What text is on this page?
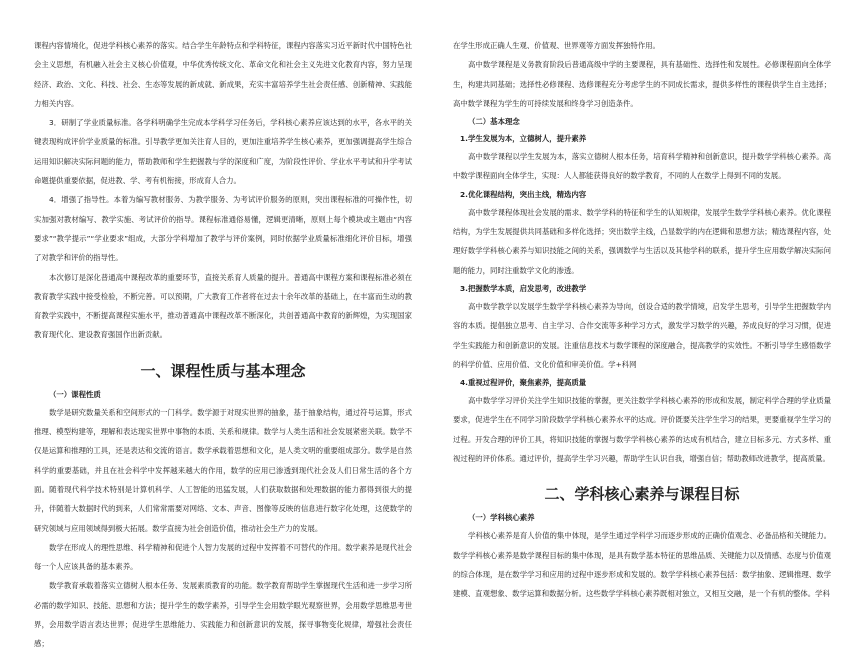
课程内容情境化，促进学科核心素养的落实。结合学生年龄特点和学科特征，课程内容落实习近平新时代中国特色社会主义思想，有机融入社会主义核心价值观，中华优秀传统文化、革命文化和社会主义先进文化教育内容，努力呈现经济、政治、文化、科技、社会、生态等发展的新成就、新成果，充实丰富培养学生社会责任感、创新精神、实践能力相关内容。

3．研制了学业质量标准。各学科明确学生完成本学科学习任务后，学科核心素养应该达到的水平，各水平的关键表现构成评价学业质量的标准。引导教学更加关注育人目的，更加注重培养学生核心素养，更加强调提高学生综合运用知识解决实际问题的能力，帮助教师和学生把握教与学的深度和广度，为阶段性评价、学业水平考试和升学考试命题提供重要依据，促进教、学、考有机衔接，形成育人合力。

4．增强了指导性。本着为编写教材服务、为教学服务、为考试评价服务的原则，突出课程标准的可操作性，切实加强对教材编写、教学实施、考试评价的指导。课程标准通俗易懂，逻辑更清晰，原则上每个模块或主题由“内容要求”“教学提示”“学业要求”组成，大部分学科增加了教学与评价案例，同时依据学业质量标准细化评价目标，增强了对教学和评价的指导性。

本次修订是深化普通高中课程改革的重要环节，直接关系育人质量的提升。普通高中课程方案和课程标准必须在教育教学实践中接受检验，不断完善。可以预期，广大教育工作者将在过去十余年改革的基础上，在丰富而生动的教育教学实践中，不断提高课程实施水平，推动普通高中课程改革不断深化，共创普通高中教育的新辉煌，为实现国家教育现代化、建设教育强国作出新贡献。

一、课程性质与基本理念
（一）课程性质

数学是研究数量关系和空间形式的一门科学。数学源于对现实世界的抽象，基于抽象结构，通过符号运算，形式推理、模型构建等，理解和表达现实世界中事物的本质、关系和规律。数学与人类生活和社会发展紧密关联。数学不仅是运算和推理的工具，还是表达和交流的语言。数学承载着思想和文化，是人类文明的重要组成部分。数学是自然科学的重要基础，并且在社会科学中发挥越来越大的作用，数学的应用已渗透到现代社会及人们日常生活的各个方面。随着现代科学技术特别是计算机科学、人工智能的迅猛发展，人们获取数据和处理数据的能力都得到很大的提升，伴随着大数据时代的到来，人们常常需要对网络、文本、声音、图像等反映的信息进行数字化处理，这使数学的研究领域与应用领域得到极大拓展。数学直接为社会创造价值，推动社会生产力的发展。

数学在形成人的理性思维、科学精神和促进个人智力发展的过程中发挥着不可替代的作用。数学素养是现代社会每一个人应该具备的基本素养。

数学教育承载着落实立德树人根本任务、发展素质教育的功能。数学教育帮助学生掌握现代生活和进一步学习所必需的数学知识、技能、思想和方法；提升学生的数学素养，引导学生会用数学眼光观察世界，会用数学思维思考世界，会用数学语言表达世界；促进学生思维能力、实践能力和创新意识的发展，探寻事物变化规律，增强社会责任感；

在学生形成正确人生观、价值观、世界观等方面发挥独特作用。

高中数学课程是义务教育阶段后普通高级中学的主要课程，具有基础性、选择性和发展性。必修课程面向全体学生，构建共同基础；选择性必修课程、选修课程充分考虑学生的不同成长需求，提供多样性的课程供学生自主选择；高中数学课程为学生的可持续发展和终身学习创造条件。

（二）基本理念
1.学生发展为本，立德树人，提升素养

高中数学课程以学生发展为本，落实立德树人根本任务，培育科学精神和创新意识，提升数学学科核心素养。高中数学课程面向全体学生，实现：人人都能获得良好的数学教育，不同的人在数学上得到不同的发展。

2.优化课程结构，突出主线，精选内容

高中数学课程体现社会发展的需求、数学学科的特征和学生的认知规律，发展学生数学学科核心素养。优化课程结构，为学生发展提供共同基础和多样化选择；突出数学主线，凸显数学的内在逻辑和思想方法；精选课程内容，处理好数学学科核心素养与知识技能之间的关系，强调数学与生活以及其他学科的联系，提升学生应用数学解决实际问题的能力，同时注重数学文化的渗透。

3.把握数学本质，启发思考，改进教学

高中数学教学以发展学生数学学科核心素养为导向，创设合适的教学情境，启发学生思考，引导学生把握数学内容的本质。提倡独立思考、自主学习、合作交流等多种学习方式，激发学习数学的兴趣，养成良好的学习习惯，促进学生实践能力和创新意识的发展。注重信息技术与数学课程的深度融合，提高教学的实效性。不断引导学生感悟数学的科学价值、应用价值、文化价值和审美价值。学+科网

4.重视过程评价，聚焦素养，提高质量

高中数学学习评价关注学生知识技能的掌握，更关注数学学科核心素养的形成和发展，制定科学合理的学业质量要求，促进学生在不同学习阶段数学学科核心素养水平的达成。评价既要关注学生学习的结果，更要重视学生学习的过程。开发合理的评价工具，将知识技能的掌握与数学学科核心素养的达成有机结合，建立目标多元、方式多样、重视过程的评价体系。通过评价，提高学生学习兴趣，帮助学生认识自我，增强自信；帮助教师改进教学，提高质量。

二、学科核心素养与课程目标
（一）学科核心素养

学科核心素养是育人价值的集中体现，是学生通过学科学习而逐步形成的正确价值观念、必备品格和关键能力。数学学科核心素养是数学课程目标的集中体现，是具有数学基本特征的思维品质、关键能力以及情感、态度与价值观的综合体现，是在数学学习和应用的过程中逐步形成和发展的。数学学科核心素养包括：数学抽象、逻辑推理、数学建模、直观想象、数学运算和数据分析。这些数学学科核心素养既相对独立，又相互交融，是一个有机的整体。学科
